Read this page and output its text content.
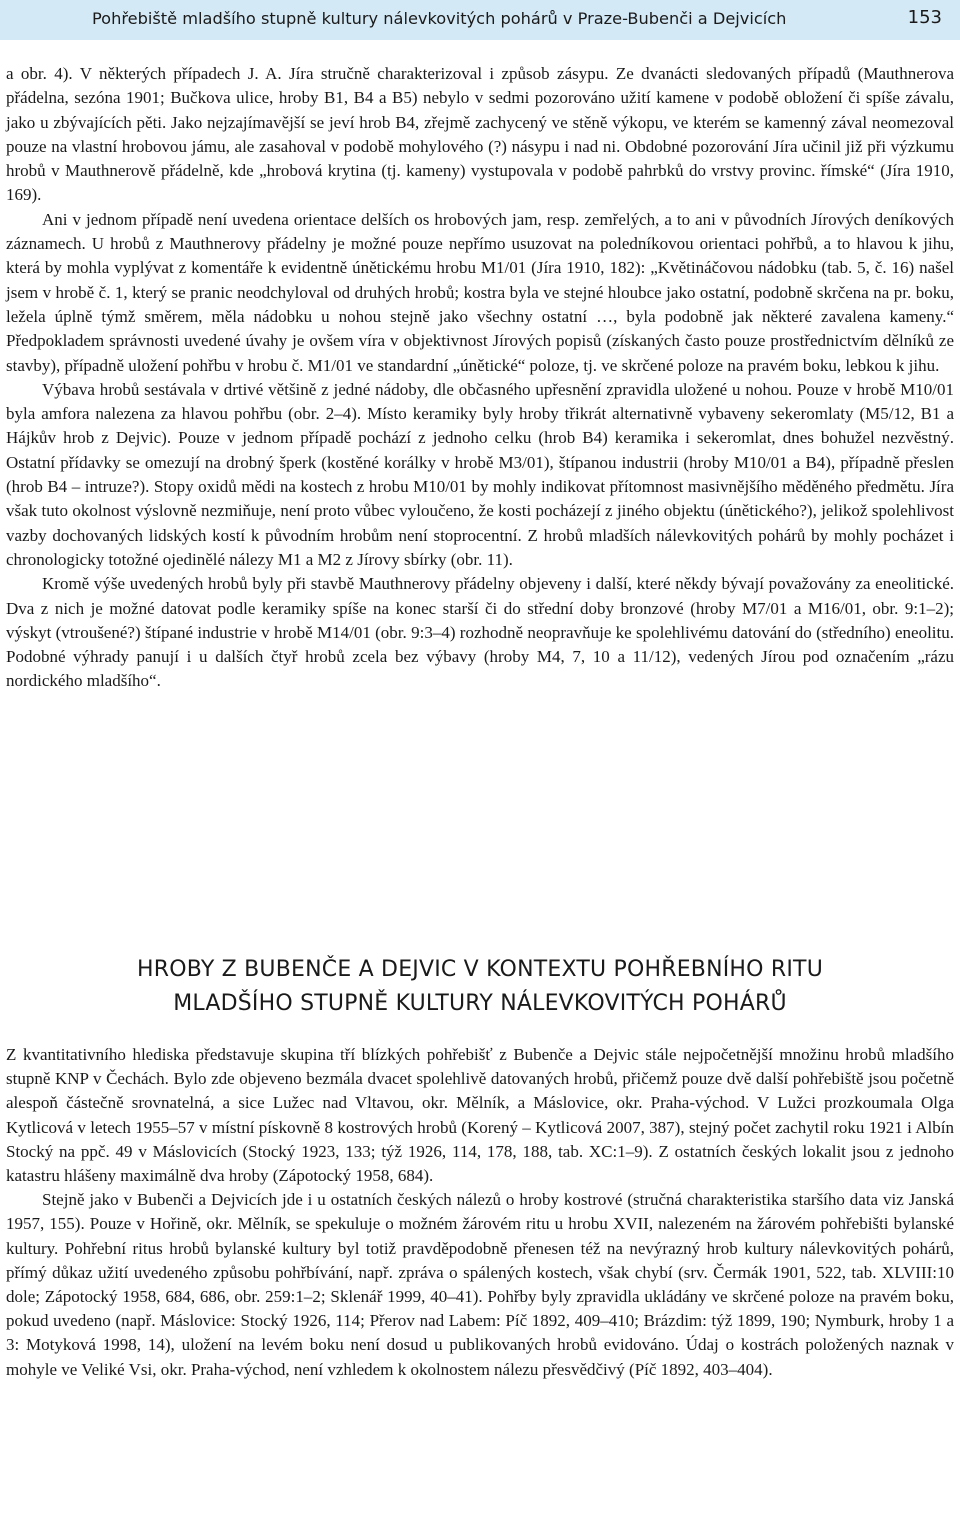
Pohřebiště mladšího stupně kultury nálevkovitých pohárů v Praze-Bubenči a Dejvicích	153

a obr. 4). V některých případech J. A. Jíra stručně charakterizoval i způsob zásypu. Ze dvanácti sledovaných případů (Mauthnerova přádelna, sezóna 1901; Bučkova ulice, hroby B1, B4 a B5) nebylo v sedmi pozorováno užití kamene v podobě obložení či spíše závalu, jako u zbývajících pěti. Jako nejzajímavější se jeví hrob B4, zřejmě zachycený ve stěně výkopu, ve kterém se kamenný zával neomezoval pouze na vlastní hrobovou jámu, ale zasahoval v podobě mohylového (?) násypu i nad ni. Obdobné pozorování Jíra učinil již při výzkumu hrobů v Mauthnerově přádelně, kde „hrobová krytina (tj. kameny) vystupovala v podobě pahrbků do vrstvy provinc. římské“ (Jíra 1910, 169).

Ani v jednom případě není uvedena orientace delších os hrobových jam, resp. zemřelých, a to ani v původních Jírových deníkových záznamech. U hrobů z Mauthnerovy přádelny je možné pouze nepřímo usuzovat na poledníkovou orientaci pohřbů, a to hlavou k jihu, která by mohla vyplývat z komentáře k evidentně únětickému hrobu M1/01 (Jíra 1910, 182): „Květináčovou nádobku (tab. 5, č. 16) našel jsem v hrobě č. 1, který se pranic neodchyloval od druhých hrobů; kostra byla ve stejné hloubce jako ostatní, podobně skrčena na pr. boku, ležela úplně týmž směrem, měla nádobku u nohou stejně jako všechny ostatní …, byla podobně jak některé zavalena kameny.“ Předpokladem správnosti uvedené úvahy je ovšem víra v objektivnost Jírových popisů (získaných často pouze prostřednictvím dělníků ze stavby), případně uložení pohřbu v hrobu č. M1/01 ve standardní „únětické“ poloze, tj. ve skrčené poloze na pravém boku, lebkou k jihu.

Výbava hrobů sestávala v drtivé většině z jedné nádoby, dle občasného upřesnění zpravidla uložené u nohou. Pouze v hrobě M10/01 byla amfora nalezena za hlavou pohřbu (obr. 2–4). Místo keramiky byly hroby třikrát alternativně vybaveny sekeromlaty (M5/12, B1 a Hájkův hrob z Dejvic). Pouze v jednom případě pochází z jednoho celku (hrob B4) keramika i sekeromlat, dnes bohužel nezvěstný. Ostatní přídavky se omezují na drobný šperk (kostěné korálky v hrobě M3/01), štípanou industrii (hroby M10/01 a B4), případně přeslen (hrob B4 – intruze?). Stopy oxidů mědi na kostech z hrobu M10/01 by mohly indikovat přítomnost masivnějšího měděného předmětu. Jíra však tuto okolnost výslovně nezmiňuje, není proto vůbec vyloučeno, že kosti pocházejí z jiného objektu (únětického?), jelikož spolehlivost vazby dochovaných lidských kostí k původním hrobům není stoprocentní. Z hrobů mladších nálevkovitých pohárů by mohly pocházet i chronologicky totožné ojedinělé nálezy M1 a M2 z Jírovy sbírky (obr. 11).

Kromě výše uvedených hrobů byly při stavbě Mauthnerovy přádelny objeveny i další, které někdy bývají považovány za eneolitické. Dva z nich je možné datovat podle keramiky spíše na konec starší či do střední doby bronzové (hroby M7/01 a M16/01, obr. 9:1–2); výskyt (vtroušené?) štípané industrie v hrobě M14/01 (obr. 9:3–4) rozhodně neopravňuje ke spolehlivému datování do (středního) eneolitu. Podobné výhrady panují i u dalších čtyř hrobů zcela bez výbavy (hroby M4, 7, 10 a 11/12), vedených Jírou pod označením „rázu nordického mladšího“.

HROBY Z BUBENČE A DEJVIC V KONTEXTU POHŘEBNÍHO RITU
MLADŠÍHO STUPNĚ KULTURY NÁLEVKOVITÝCH POHÁRŮ

Z kvantitativního hlediska představuje skupina tří blízkých pohřebišť z Bubenče a Dejvic stále nejpočetnější množinu hrobů mladšího stupně KNP v Čechách. Bylo zde objeveno bezmála dvacet spolehlivě datovaných hrobů, přičemž pouze dvě další pohřebiště jsou početně alespoň částečně srovnatelná, a sice Lužec nad Vltavou, okr. Mělník, a Máslovice, okr. Praha-východ. V Lužci prozkoumala Olga Kytlicová v letech 1955–57 v místní pískovně 8 kostrových hrobů (Korený – Kytlicová 2007, 387), stejný počet zachytil roku 1921 i Albín Stocký na ppč. 49 v Máslovicích (Stocký 1923, 133; týž 1926, 114, 178, 188, tab. XC:1–9). Z ostatních českých lokalit jsou z jednoho katastru hlášeny maximálně dva hroby (Zápotocký 1958, 684).

Stejně jako v Bubenči a Dejvicích jde i u ostatních českých nálezů o hroby kostrové (stručná charakteristika staršího data viz Janská 1957, 155). Pouze v Hořině, okr. Mělník, se spekuluje o možném žárovém ritu u hrobu XVII, nalezeném na žárovém pohřebišti bylanské kultury. Pohřební ritus hrobů bylanské kultury byl totiž pravděpodobně přenesen též na nevýrazný hrob kultury nálevkovitých pohárů, přímý důkaz užití uvedeného způsobu pohřbívání, např. zpráva o spálených kostech, však chybí (srv. Čermák 1901, 522, tab. XLVIII:10 dole; Zápotocký 1958, 684, 686, obr. 259:1–2; Sklenář 1999, 40–41). Pohřby byly zpravidla ukládány ve skrčené poloze na pravém boku, pokud uvedeno (např. Máslovice: Stocký 1926, 114; Přerov nad Labem: Píč 1892, 409–410; Brázdim: týž 1899, 190; Nymburk, hroby 1 a 3: Motyková 1998, 14), uložení na levém boku není dosud u publikovaných hrobů evidováno. Údaj o kostrách položených naznak v mohyle ve Veliké Vsi, okr. Praha-východ, není vzhledem k okolnostem nálezu přesvědčivý (Píč 1892, 403–404).
